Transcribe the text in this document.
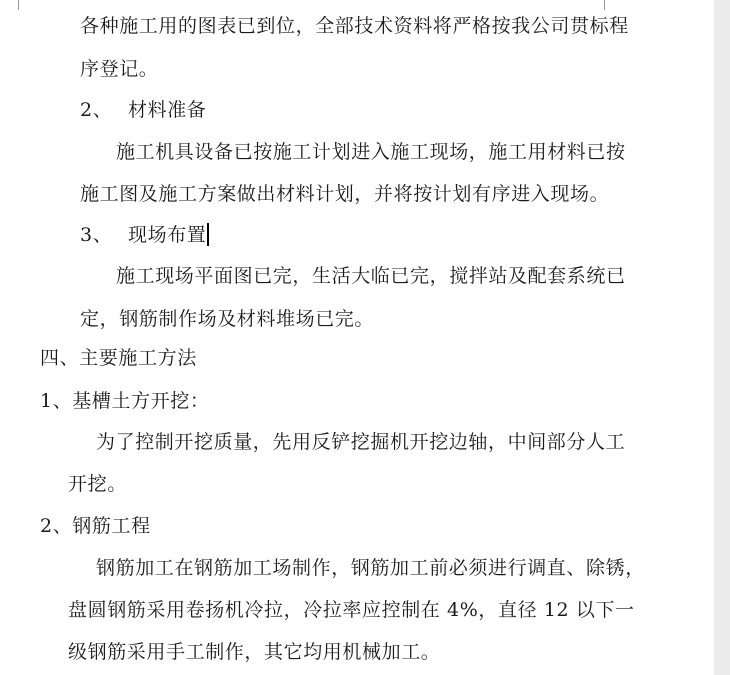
各种施工用的图表已到位，全部技术资料将严格按我公司贯标程
序登记。
2、 材料准备
施工机具设备已按施工计划进入施工现场，施工用材料已按
施工图及施工方案做出材料计划，并将按计划有序进入现场。
3、 现场布置
施工现场平面图已完，生活大临已完，搅拌站及配套系统已
定，钢筋制作场及材料堆场已完。
四、主要施工方法
1、基槽土方开挖：
为了控制开挖质量，先用反铲挖掘机开挖边轴，中间部分人工
开挖。
2、钢筋工程
钢筋加工在钢筋加工场制作，钢筋加工前必须进行调直、除锈，
盘圆钢筋采用卷扬机冷拉，冷拉率应控制在 4%，直径 12 以下一
级钢筋采用手工制作，其它均用机械加工。
